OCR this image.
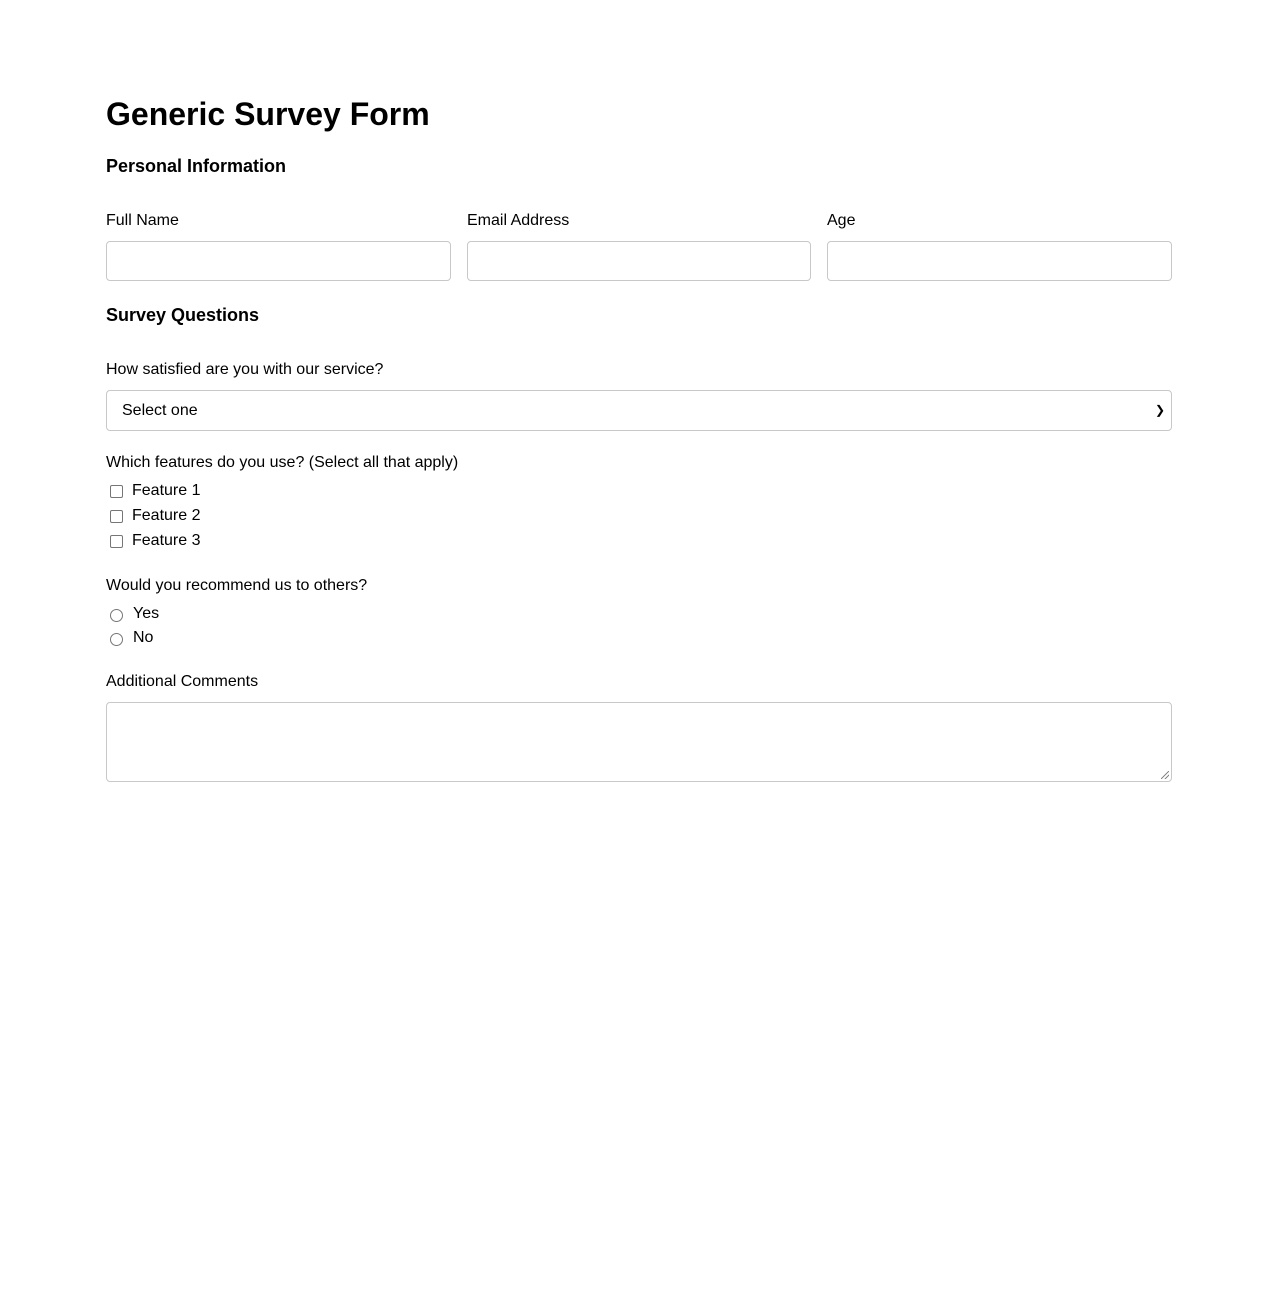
Generic Survey Form
Personal Information
Full Name	Email Address	Age
Survey Questions
How satisfied are you with our service?
Select one	❯
Which features do you use? (Select all that apply)
Feature 1
Feature 2
Feature 3
Would you recommend us to others?
Yes
No
Additional Comments
